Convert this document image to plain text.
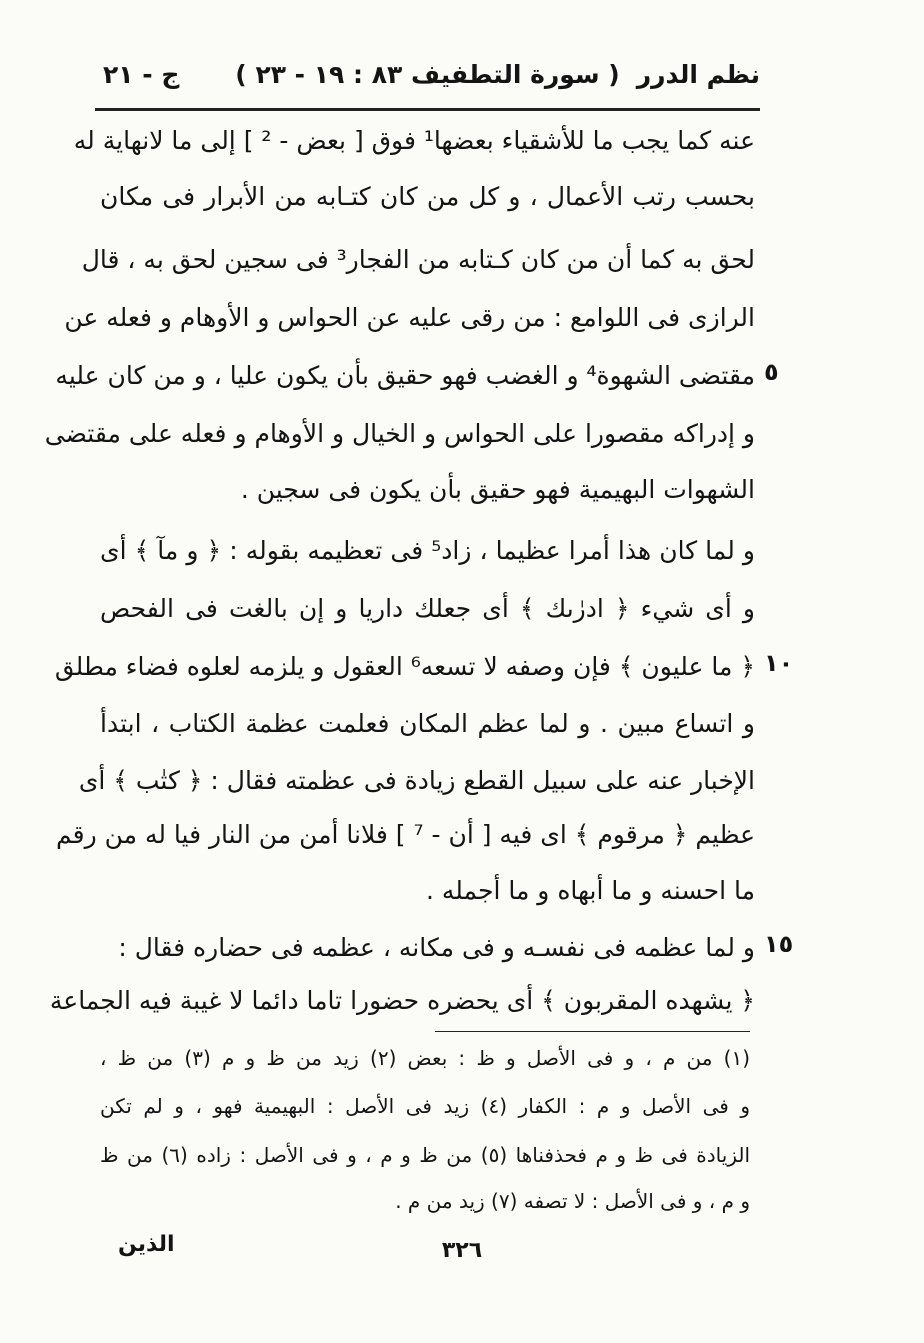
نظم الدرر
( سورة التطفيف ٨٣ : ١٩ - ٢٣ )
ج - ٢١
عنه كما يجب ما للأشقياء بعضها¹ فوق [ بعض - ² ] إلى ما لانهاية له
بحسب رتب الأعمال ، و كل من كان كتـابه من الأبرار فى مكان
لحق به كما أن من كان كـتابه من الفجار³ فى سجين لحق به ، قال
الرازى فى اللوامع : من رقى عليه عن الحواس و الأوهام و فعله عن
مقتضى الشهوة⁴ و الغضب فهو حقيق بأن يكون عليا ، و من كان عليه
و إدراكه مقصورا على الحواس و الخيال و الأوهام و فعله على مقتضى
الشهوات البهيمية فهو حقيق بأن يكون فى سجين .
و لما كان هذا أمرا عظيما ، زاد⁵ فى تعظيمه بقوله : ﴿ و مآ ﴾ أى
و أى شيء ﴿ ادرٰىك ﴾ أى جعلك داريا و إن بالغت فى الفحص
﴿ ما عليون ﴾ فإن وصفه لا تسعه⁶ العقول و يلزمه لعلوه فضاء مطلق
و اتساع مبين . و لما عظم المكان فعلمت عظمة الكتاب ، ابتدأ
الإخبار عنه على سبيل القطع زيادة فى عظمته فقال : ﴿ كتٰب ﴾ أى
عظيم ﴿ مرقوم ﴾ اى فيه [ أن - ⁷ ] فلانا أمن من النار فيا له من رقم
ما احسنه و ما أبهاه و ما أجمله .
و لما عظمه فى نفسـه و فى مكانه ، عظمه فى حضاره فقال :
﴿ يشهده المقربون ﴾ أى يحضره حضورا تاما دائما لا غيبة فيه الجماعة
٥
١٠
١٥
(١) من م ، و فى الأصل و ظ : بعض (٢) زيد من ظ و م (٣) من ظ ،
و فى الأصل و م : الكفار (٤) زيد فى الأصل : البهيمية فهو ، و لم تكن
الزيادة فى ظ و م فحذفناها (٥) من ظ و م ، و فى الأصل : زاده (٦) من ظ
و م ، و فى الأصل : لا تصفه (٧) زيد من م .
الذين	٣٢٦
